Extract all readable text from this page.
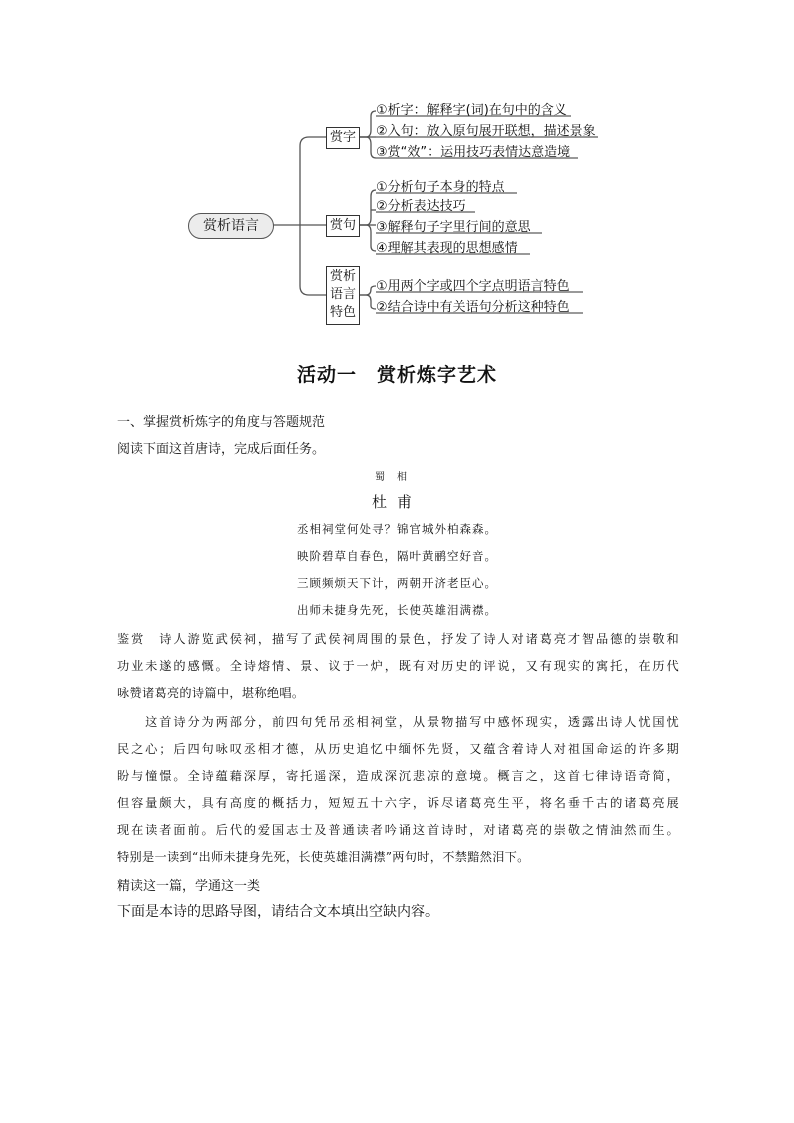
赏析语言
赏字
赏句
赏析
语言
特色
①析字：解释字(词)在句中的含义
②入句：放入原句展开联想，描述景象
③赏“效”：运用技巧表情达意造境
①分析句子本身的特点
②分析表达技巧
③解释句子字里行间的意思
④理解其表现的思想感情
①用两个字或四个字点明语言特色
②结合诗中有关语句分析这种特色
活动一　赏析炼字艺术
一、掌握赏析炼字的角度与答题规范
阅读下面这首唐诗，完成后面任务。
蜀相
杜甫
丞相祠堂何处寻？锦官城外柏森森。
映阶碧草自春色，隔叶黄鹂空好音。
三顾频烦天下计，两朝开济老臣心。
出师未捷身先死，长使英雄泪满襟。
鉴赏　诗人游览武侯祠，描写了武侯祠周围的景色，抒发了诗人对诸葛亮才智品德的崇敬和
功业未遂的感慨。全诗熔情、景、议于一炉，既有对历史的评说，又有现实的寓托，在历代
咏赞诸葛亮的诗篇中，堪称绝唱。
　　这首诗分为两部分，前四句凭吊丞相祠堂，从景物描写中感怀现实，透露出诗人忧国忧
民之心；后四句咏叹丞相才德，从历史追忆中缅怀先贤，又蕴含着诗人对祖国命运的许多期
盼与憧憬。全诗蕴藉深厚，寄托遥深，造成深沉悲凉的意境。概言之，这首七律诗语奇简，
但容量颇大，具有高度的概括力，短短五十六字，诉尽诸葛亮生平，将名垂千古的诸葛亮展
现在读者面前。后代的爱国志士及普通读者吟诵这首诗时，对诸葛亮的崇敬之情油然而生。
特别是一读到“出师未捷身先死，长使英雄泪满襟”两句时，不禁黯然泪下。
精读这一篇，学通这一类
下面是本诗的思路导图，请结合文本填出空缺内容。
